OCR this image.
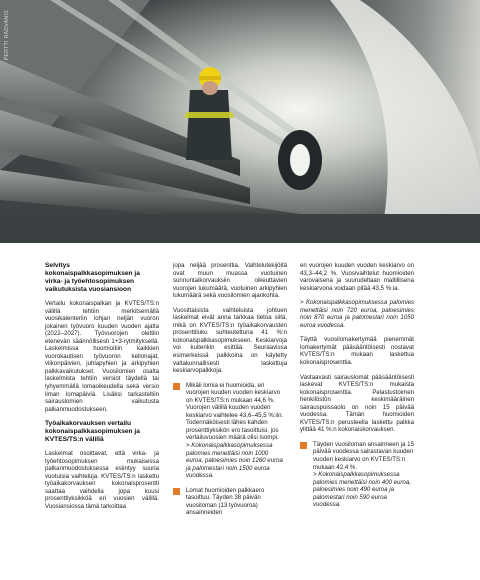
PERTTI RADVANIS
Selvitys kokonaispalkkasopimuksen ja virka- ja työehtosopimuksen vaikutuksista vuosiansioon

Vertailu kokonaispalkan ja KVTES/TS:n välillä tehtiin merkitsemällä vuosikalenteriin lohjan neljän vuoron jokainen työvuoro kuuden vuoden ajalta (2022–2027). Työvuorojen olettiin etenevän säännöllisesti 1+3-rytmityksellä. Laskelmissa huomioitiin kaikkien vuorokautisen työvuoron kellonajat, viikonpäivien, juhlapyhien ja arkipyhien palkkavaikutukset. Vuosilomien osalta laskelmista tehtiin versiot täydellä tai lyhyemmällä lomaoikeudella sekä versio ilman lomapäiviä. Lisäksi tarkasteltiin sairauslomien vaikutusta palkanmuodostukseen.

Työaikakorvauksen vertailu kokonaispalkkasopimuksen ja KVTES/TS:n välillä

Laskelmat osoittavat, että virka- ja työehtosopimuksen mukaisessa palkanmuodostuksessa esiintyy suuria vuotuisia vaihteluja. KVTES/TS:n laskettu työaikakorvauksen kokonaisprosentti saattaa vaihdella jopa kuusi prosenttiyksikköä eri vuosien välillä. Vuosiansiossa tämä tarkoittaa

jopa neljää prosenttia. Vaihtelutekijöitä ovat muun muassa vuotuinen sunnuntaikorvauksiin oikeuttavien vuorojen lukumäärä, vuotuinen arkipyhien lukumäärä sekä vuosilomien ajankohta.

Vuosittaisista vaihteluista johtuen laskelmat eivät anna tarkkaa tietoa siitä, mikä on KVTES/TS:n työaikakorvausten prosenttiluku suhteutettuna 41 %:n kokonaispalkkasopimukseen. Keskiarvoja voi kuitenkin esittää. Seuraavissa esimerkeissä palkkoina on käytetty valtakunnallisesti laskettuja keskiarvopalkkoja:

Mikäli lomia ei huomioida, eri vuorojen kuuden vuoden keskiarvo on KVTES/TS:n mukaan 44,6 %. Vuorojen välillä kuuden vuoden keskiarvo vaihtelee 43,6–45,5 %:iin. Todennäköisesti lähes kahden prosenttiyksikön ero tasoittuisi, jos vertailuvuosien määrä olisi isompi.
> Kokonaispalkkasopimuksessa palomies menettäisi noin 1000 euroa, paloesimies noin 1260 euroa ja palomestari noin 1500 euroa vuodessa.
Lomat huomioiden palkkaero tasoittuu. Täyden 38 päivän vuosiloman (13 työvuoroa) ansainneiden

eri vuorojen kuuden vuoden keskiarvo on 43,3–44,2 %. Vuosivaihtelut huomioiden varovaisena ja suurudeltaan maltillisena keskiarvona voidaan pitää 43,5 %:ia.

> Kokonaispalkkasopimuksessa palomies menettäisi noin 720 euroa, paloesimies noin 870 euroa ja palomestari noin 1050 euroa vuodessa.

Täyttä vuosilomakertymää pienemmät lomakertymät pääsääntöisesti nostavat KVTES/TS:n mukaan laskettua kokonaisprosenttia.

Vastaavasti sairauslomat pääsääntöisesti laskevat KVTES/TS:n mukaista kokonaisprosenttia. Pelastustoimen henkilöstön keskimääräinen sairauspoissaolo on noin 15 päivää vuodessa. Tämän huomioiden KVTES/TS:n perusteella laskettu palkka ylittää 41 %:n kokonaiskorvauksen.

Täyden vuosiloman ansainneen ja 15 päivää vuodessa sairastavan kuuden vuoden keskiarvo on KVTES/TS:n mukaan 42,4 %.
> Kokonaispalkkasopimuksessa palomies menettäisi noin 400 euroa, paloesimies noin 490 euroa ja palomestari noin 590 euroa vuodessa.
